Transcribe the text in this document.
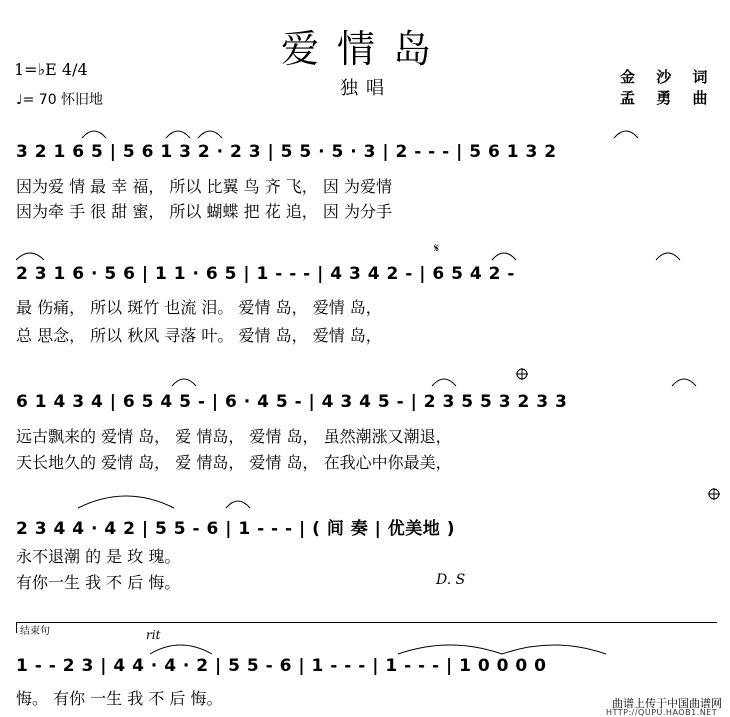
爱情岛
1=♭E 4/4
♩= 70 怀旧地
独唱
金 沙 词
孟 勇 曲
3 2 1 6 5 | 5 6 1 3 2 · 2 3 | 5 5 · 5 · 3 | 2 - - - | 5 6 1 3 2
因为爱 情 最 幸 福， 所以 比翼 鸟 齐 飞， 因 为爱情
因为牵 手 很 甜 蜜， 所以 蝴蝶 把 花 追， 因 为分手
𝄋
2 3 1 6 · 5 6 | 1 1 · 6 5 | 1 - - - | 4 3 4 2 - | 6 5 4 2 -
最 伤痛， 所以 斑竹 也流 泪。 爱情 岛， 爱情 岛，
总 思念， 所以 秋风 寻落 叶。 爱情 岛， 爱情 岛，
6 1 4 3 4 | 6 5 4 5 - | 6 · 4 5 - | 4 3 4 5 - | 2 3 5 5 3 2 3 3
远古飘来的 爱情 岛， 爱 情岛， 爱情 岛， 虽然潮涨又潮退，
天长地久的 爱情 岛， 爱 情岛， 爱情 岛， 在我心中你最美，
2 3 4 4 · 4 2 | 5 5 - 6 | 1 - - - | ( 间 奏 | 优美地 )
永不退潮 的 是 玫 瑰。
有你一生 我 不 后 悔。	D. S
结束句	rit
1 - - 2 3 | 4 4 · 4 · 2 | 5 5 - 6 | 1 - - - | 1 - - - | 1 0 0 0 0
悔。 有你 一生 我 不 后 悔。	曲谱上传于中国曲谱网
HTTP://QUPU.HAOB1.NET
